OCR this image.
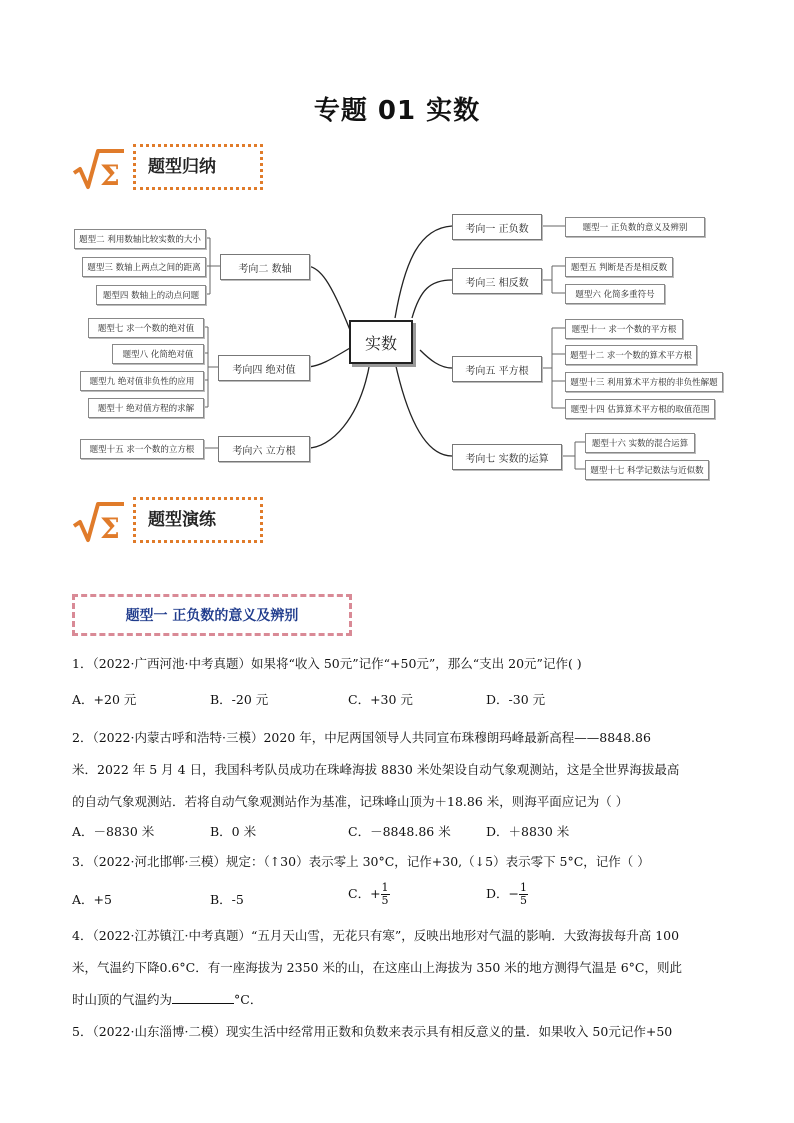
专题 01 实数
Σ	题型归纳
实数
考向一 正负数
考向二 数轴
考向三 相反数
考向四 绝对值	考向五 平方根
考向六 立方根
考向七 实数的运算
题型一 正负数的意义及辨别
题型二 利用数轴比较实数的大小
题型三 数轴上两点之间的距离
题型四 数轴上的动点问题
题型五 判断是否是相反数
题型六 化简多重符号
题型七 求一个数的绝对值
题型八 化简绝对值
题型九 绝对值非负性的应用
题型十 绝对值方程的求解
题型十一 求一个数的平方根
题型十二 求一个数的算术平方根
题型十三 利用算术平方根的非负性解题
题型十四 估算算术平方根的取值范围
题型十五 求一个数的立方根
题型十六 实数的混合运算
题型十七 科学记数法与近似数
Σ	题型演练
题型一 正负数的意义及辨别
1．（2022·广西河池·中考真题）如果将“收入 50元”记作“+50元”，那么“支出 20元”记作( )
A．+20 元	B．-20 元	C．+30 元	D．-30 元
2．（2022·内蒙古呼和浩特·三模）2020 年，中尼两国领导人共同宣布珠穆朗玛峰最新高程——8848.86
米．2022 年 5 月 4 日，我国科考队员成功在珠峰海拔 8830 米处架设自动气象观测站，这是全世界海拔最高
的自动气象观测站．若将自动气象观测站作为基准，记珠峰山顶为＋18.86 米，则海平面应记为（ ）
A．－8830 米	B．0 米	C．－8848.86 米	D．＋8830 米
3．（2022·河北邯郸·三模）规定：（↑30）表示零上 30°C，记作+30,（↓5）表示零下 5°C，记作（ ）
A．+5	B．-5	C．+ $\frac{1}{5}$	D．− $\frac{1}{5}$
4．（2022·江苏镇江·中考真题）“五月天山雪，无花只有寒”，反映出地形对气温的影响．大致海拔每升高 100
米，气温约下降0.6°C．有一座海拔为 2350 米的山，在这座山上海拔为 350 米的地方测得气温是 6°C，则此
时山顶的气温约为	°C．
5．（2022·山东淄博·二模）现实生活中经常用正数和负数来表示具有相反意义的量．如果收入 50元记作+50
